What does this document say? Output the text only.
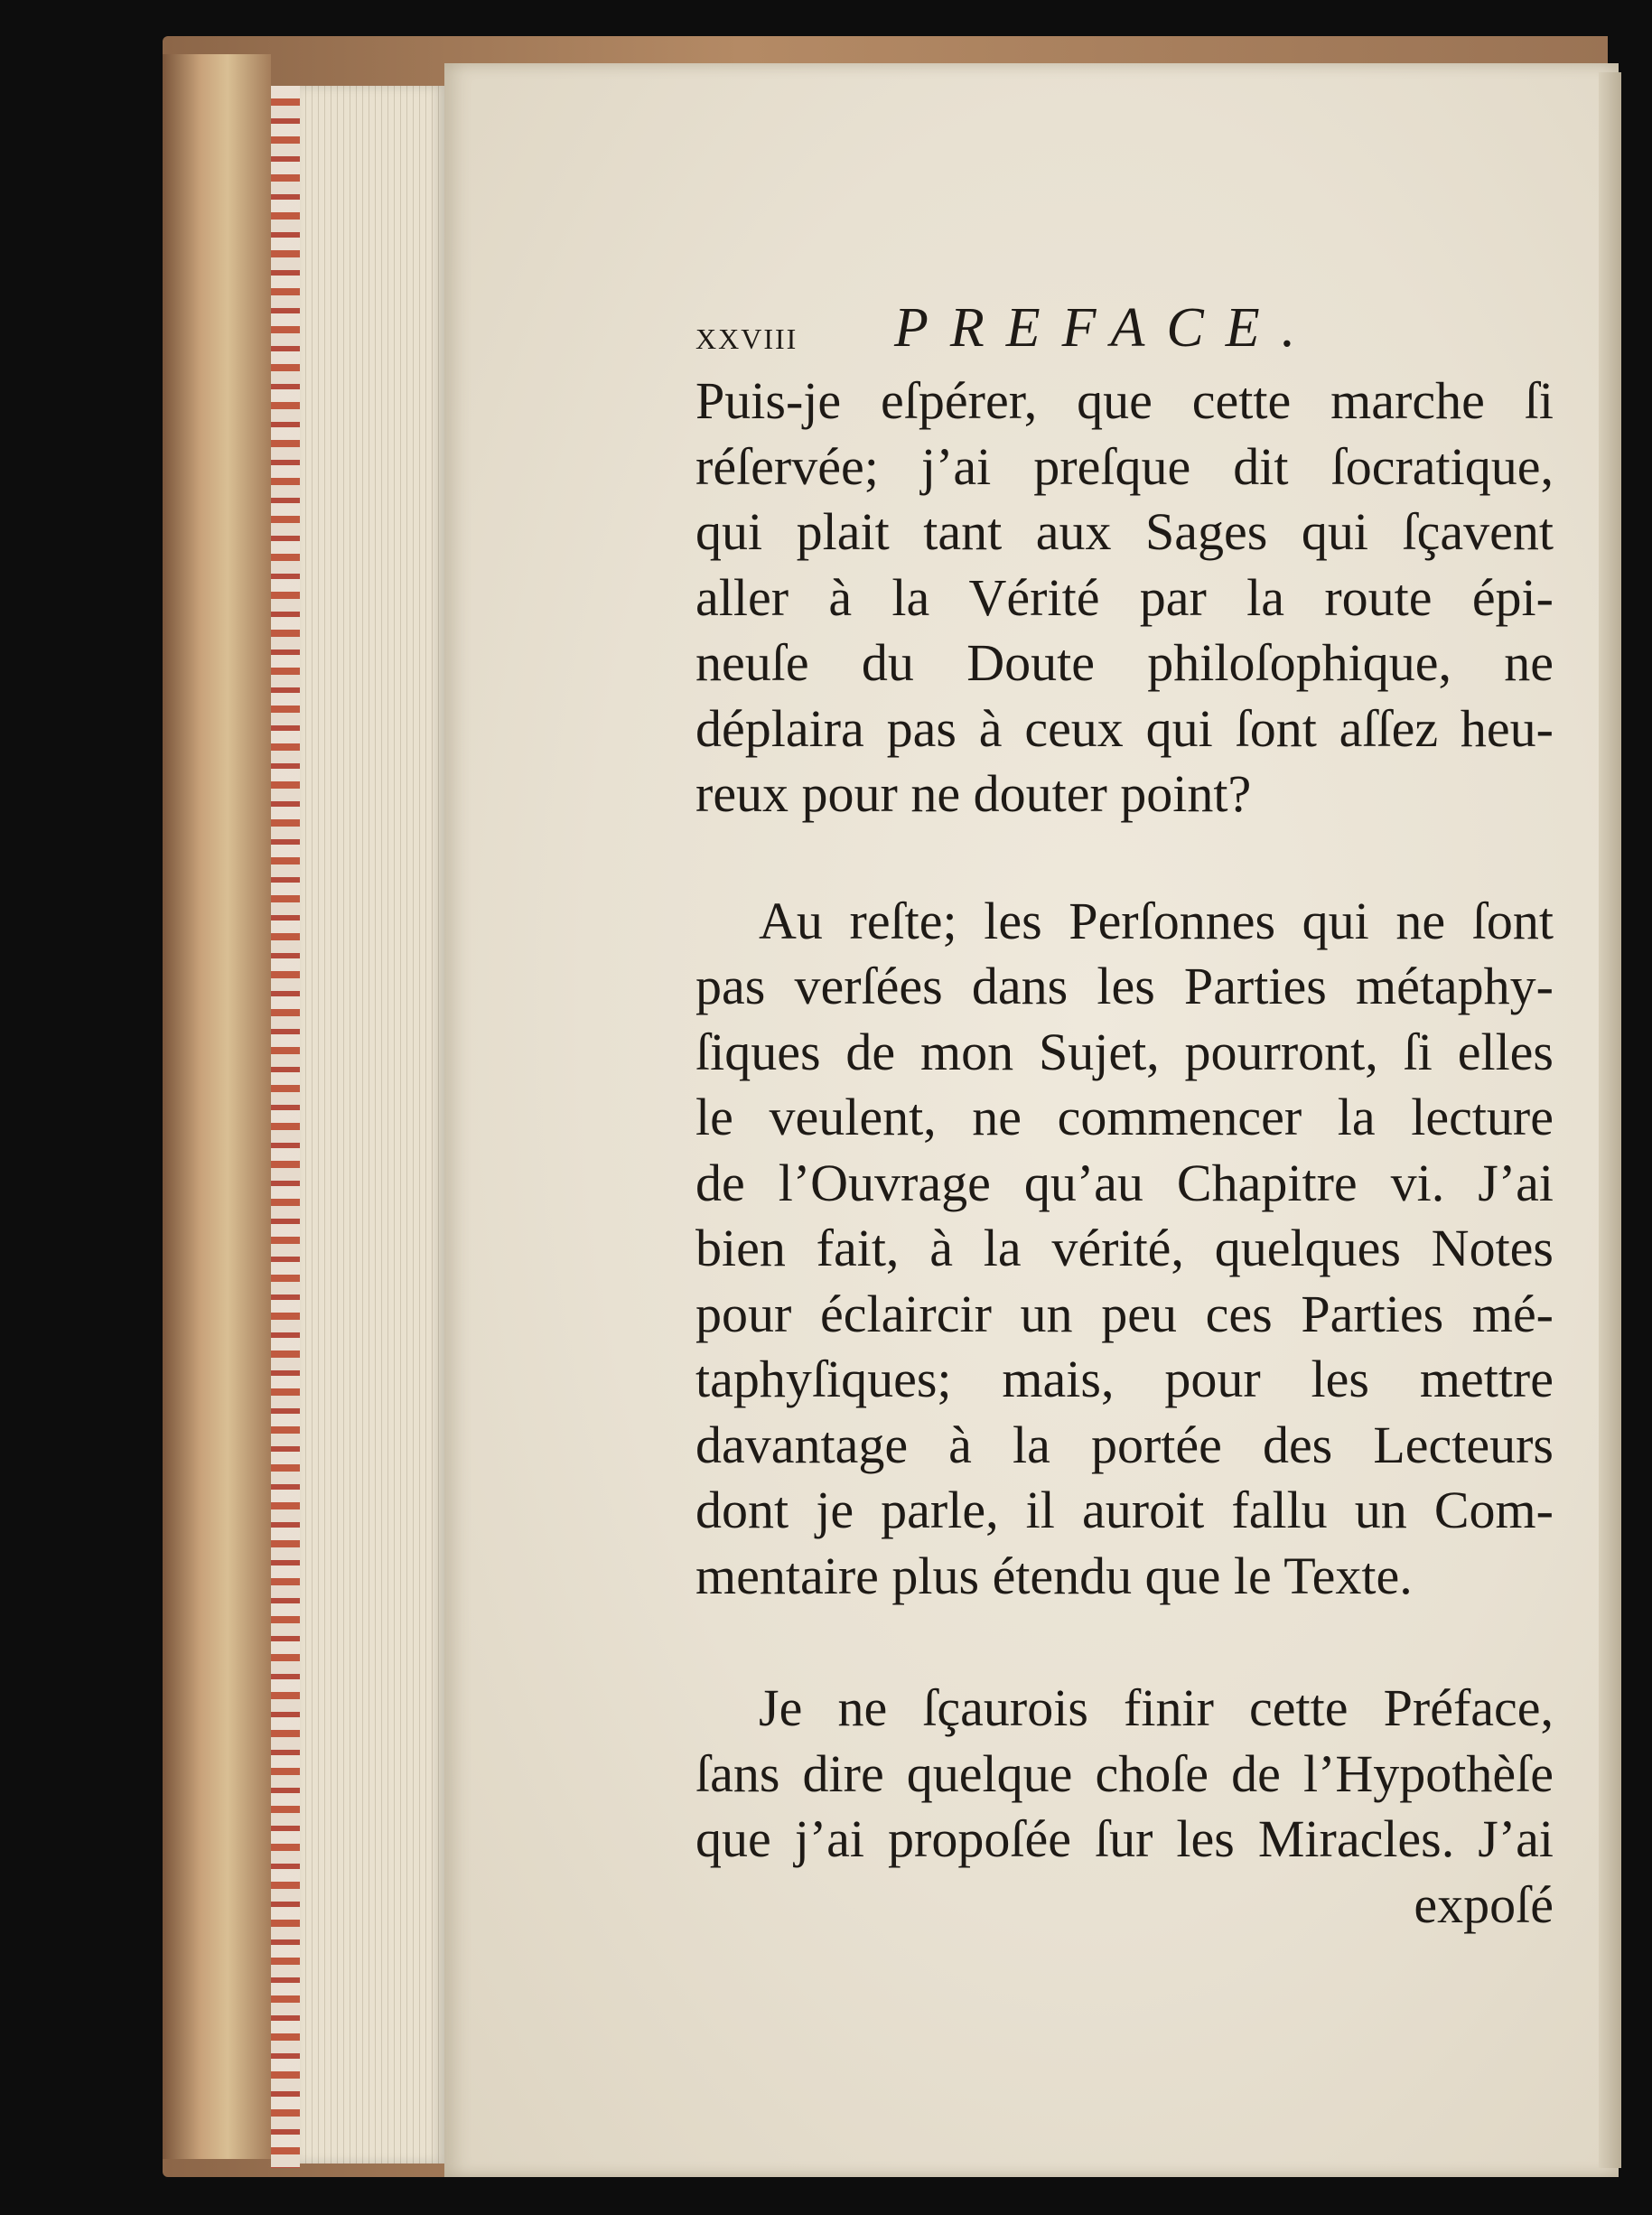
xxviii PREFACE.
Puis-je eſpérer, que cette marche ſi
réſervée; j’ai preſque dit ſocratique,
qui plait tant aux Sages qui ſçavent
aller à la Vérité par la route épi-
neuſe du Doute philoſophique, ne
déplaira pas à ceux qui ſont aſſez heu-
reux pour ne douter point?
Au reſte; les Perſonnes qui ne ſont
pas verſées dans les Parties métaphy-
ſiques de mon Sujet, pourront, ſi elles
le veulent, ne commencer la lecture
de l’Ouvrage qu’au Chapitre vi. J’ai
bien fait, à la vérité, quelques Notes
pour éclaircir un peu ces Parties mé-
taphyſiques; mais, pour les mettre
davantage à la portée des Lecteurs
dont je parle, il auroit fallu un Com-
mentaire plus étendu que le Texte.
Je ne ſçaurois finir cette Préface,
ſans dire quelque choſe de l’Hypothèſe
que j’ai propoſée ſur les Miracles. J’ai
expoſé
